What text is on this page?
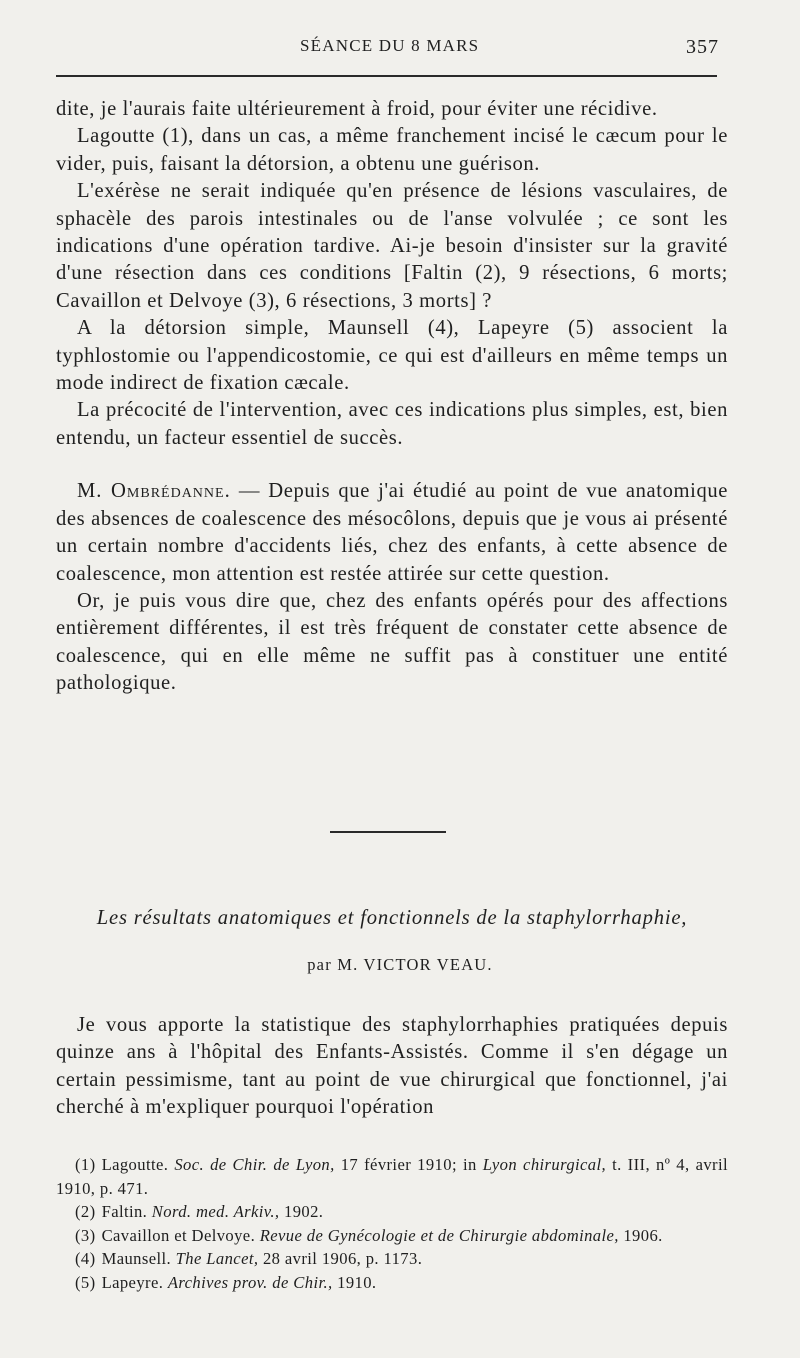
SÉANCE DU 8 MARS	357

dite, je l'aurais faite ultérieurement à froid, pour éviter une récidive.

Lagoutte (1), dans un cas, a même franchement incisé le cæcum pour le vider, puis, faisant la détorsion, a obtenu une guérison.

L'exérèse ne serait indiquée qu'en présence de lésions vasculaires, de sphacèle des parois intestinales ou de l'anse volvulée ; ce sont les indications d'une opération tardive. Ai-je besoin d'insister sur la gravité d'une résection dans ces conditions [Faltin (2), 9 résections, 6 morts; Cavaillon et Delvoye (3), 6 résections, 3 morts] ?

A la détorsion simple, Maunsell (4), Lapeyre (5) associent la typhlostomie ou l'appendicostomie, ce qui est d'ailleurs en même temps un mode indirect de fixation cæcale.

La précocité de l'intervention, avec ces indications plus simples, est, bien entendu, un facteur essentiel de succès.

M. Ombrédanne. — Depuis que j'ai étudié au point de vue anatomique des absences de coalescence des mésocôlons, depuis que je vous ai présenté un certain nombre d'accidents liés, chez des enfants, à cette absence de coalescence, mon attention est restée attirée sur cette question.

Or, je puis vous dire que, chez des enfants opérés pour des affections entièrement différentes, il est très fréquent de constater cette absence de coalescence, qui en elle même ne suffit pas à constituer une entité pathologique.

Les résultats anatomiques et fonctionnels de la staphylorrhaphie,
par M. VICTOR VEAU.

Je vous apporte la statistique des staphylorrhaphies pratiquées depuis quinze ans à l'hôpital des Enfants-Assistés. Comme il s'en dégage un certain pessimisme, tant au point de vue chirurgical que fonctionnel, j'ai cherché à m'expliquer pourquoi l'opération

(1) Lagoutte. Soc. de Chir. de Lyon, 17 février 1910; in Lyon chirurgical, t. III, nº 4, avril 1910, p. 471.

(2) Faltin. Nord. med. Arkiv., 1902.

(3) Cavaillon et Delvoye. Revue de Gynécologie et de Chirurgie abdominale, 1906.

(4) Maunsell. The Lancet, 28 avril 1906, p. 1173.

(5) Lapeyre. Archives prov. de Chir., 1910.
